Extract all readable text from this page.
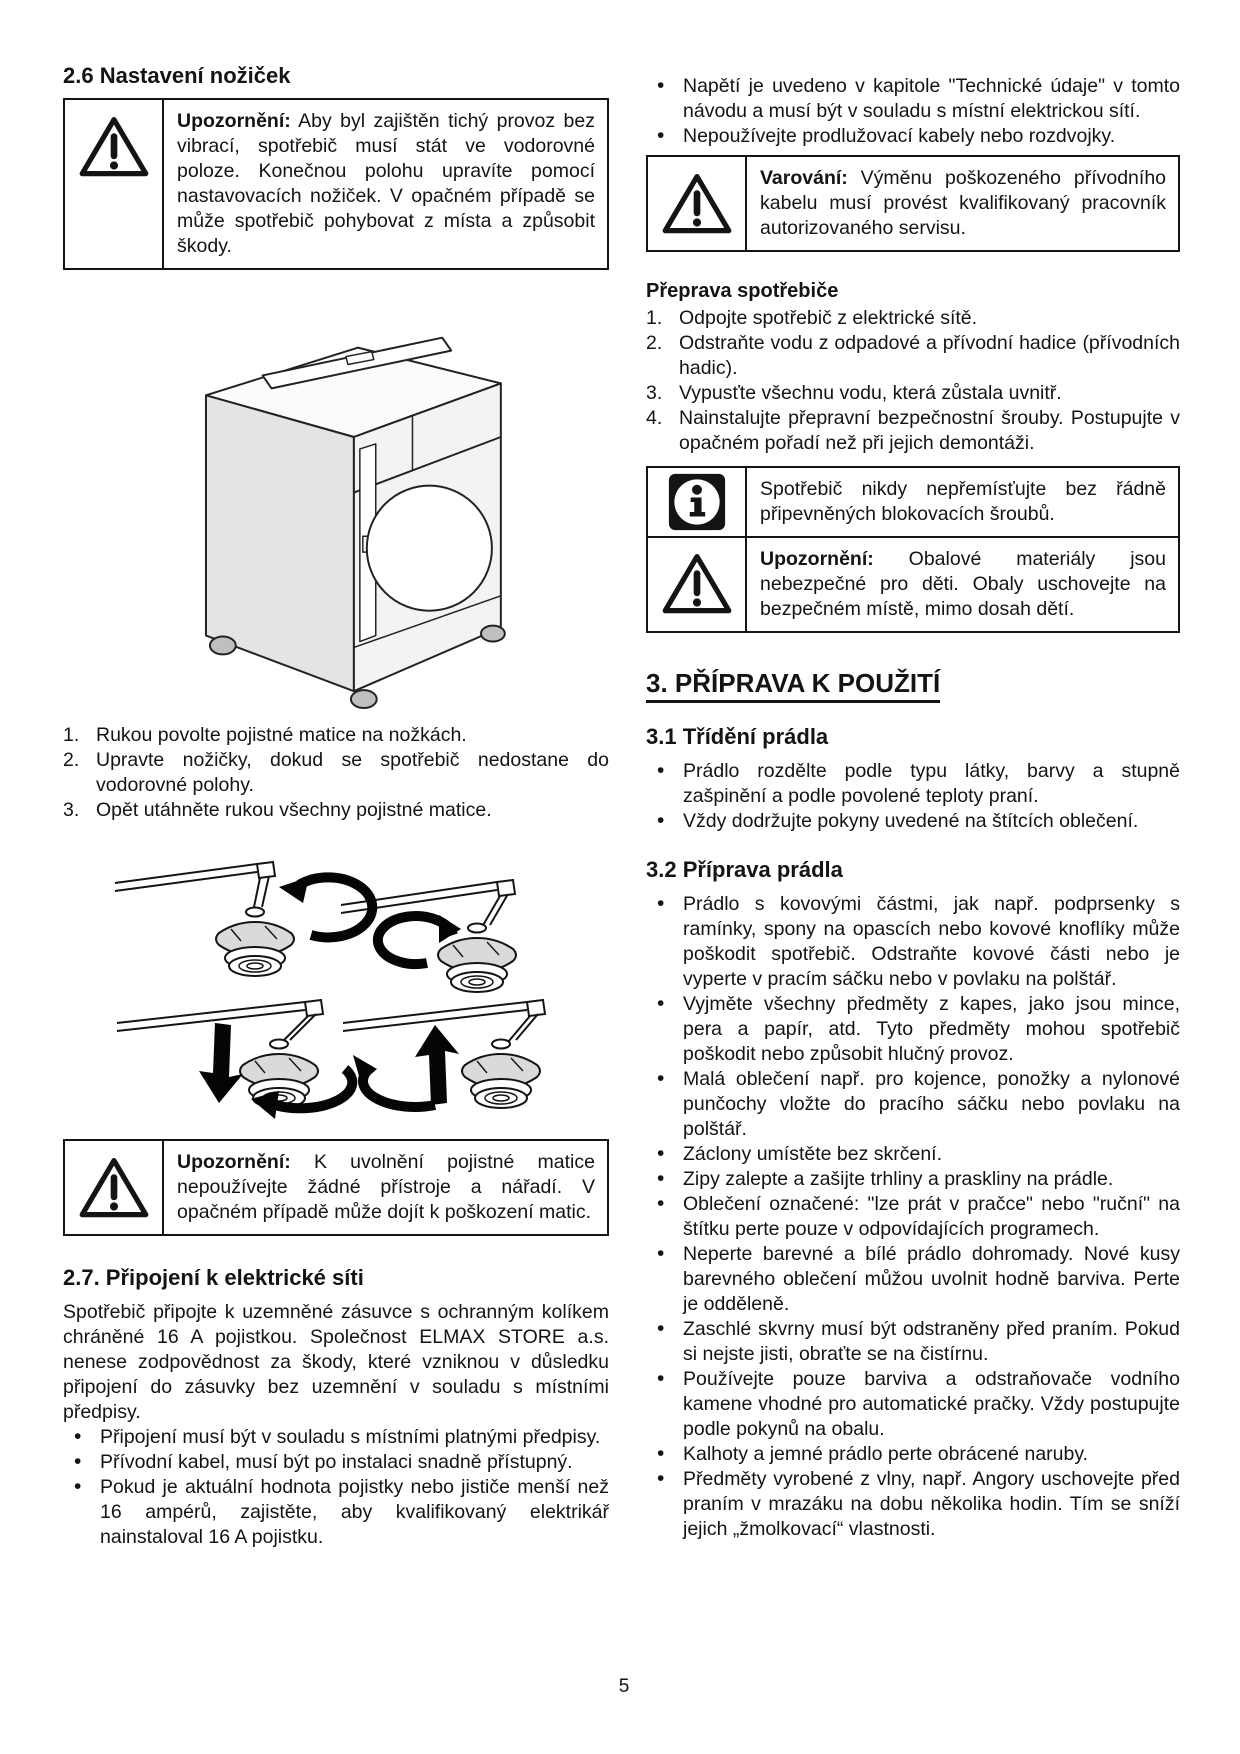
2.6 Nastavení nožiček
Upozornění: Aby byl zajištěn tichý provoz bez vibrací, spotřebič musí stát ve vodorovné poloze. Konečnou polohu upravíte pomocí nastavovacích nožiček. V opačném případě se může spotřebič pohybovat z místa a způsobit škody.
1. Rukou povolte pojistné matice na nožkách.
2. Upravte nožičky, dokud se spotřebič nedostane do vodorovné polohy.
3. Opět utáhněte rukou všechny pojistné matice.
Upozornění: K uvolnění pojistné matice nepoužívejte žádné přístroje a nářadí. V opačném případě může dojít k poškození matic.
2.7. Připojení k elektrické síti

Spotřebič připojte k uzemněné zásuvce s ochranným kolíkem chráněné 16 A pojistkou. Společnost ELMAX STORE a.s. nenese zodpovědnost za škody, které vzniknou v důsledku připojení do zásuvky bez uzemnění v souladu s místními předpisy.

• Připojení musí být v souladu s místními platnými předpisy.
• Přívodní kabel, musí být po instalaci snadně přístupný.
• Pokud je aktuální hodnota pojistky nebo jističe menší než 16 ampérů, zajistěte, aby kvalifikovaný elektrikář nainstaloval 16 A pojistku.
• Napětí je uvedeno v kapitole "Technické údaje" v tomto návodu a musí být v souladu s místní elektrickou sítí.
• Nepoužívejte prodlužovací kabely nebo rozdvojky.
Varování: Výměnu poškozeného přívodního kabelu musí provést kvalifikovaný pracovník autorizovaného servisu.
Přeprava spotřebiče
1. Odpojte spotřebič z elektrické sítě.
2. Odstraňte vodu z odpadové a přívodní hadice (přívodních hadic).
3. Vypusťte všechnu vodu, která zůstala uvnitř.
4. Nainstalujte přepravní bezpečnostní šrouby. Postupujte v opačném pořadí než při jejich demontáži.
Spotřebič nikdy nepřemísťujte bez řádně připevněných blokovacích šroubů.
Upozornění: Obalové materiály jsou nebezpečné pro děti. Obaly uschovejte na bezpečném místě, mimo dosah dětí.
3. PŘÍPRAVA K POUŽITÍ
3.1 Třídění prádla
• Prádlo rozdělte podle typu látky, barvy a stupně zašpinění a podle povolené teploty praní.
• Vždy dodržujte pokyny uvedené na štítcích oblečení.
3.2 Příprava prádla
• Prádlo s kovovými částmi, jak např. podprsenky s ramínky, spony na opascích nebo kovové knoflíky může poškodit spotřebič. Odstraňte kovové části nebo je vyperte v pracím sáčku nebo v povlaku na polštář.
• Vyjměte všechny předměty z kapes, jako jsou mince, pera a papír, atd. Tyto předměty mohou spotřebič poškodit nebo způsobit hlučný provoz.
• Malá oblečení např. pro kojence, ponožky a nylonové punčochy vložte do pracího sáčku nebo povlaku na polštář.
• Záclony umístěte bez skrčení.
• Zipy zalepte a zašijte trhliny a praskliny na prádle.
• Oblečení označené: "lze prát v pračce" nebo "ruční" na štítku perte pouze v odpovídajících programech.
• Neperte barevné a bílé prádlo dohromady. Nové kusy barevného oblečení můžou uvolnit hodně barviva. Perte je odděleně.
• Zaschlé skvrny musí být odstraněny před praním. Pokud si nejste jisti, obraťte se na čistírnu.
• Používejte pouze barviva a odstraňovače vodního kamene vhodné pro automatické pračky. Vždy postupujte podle pokynů na obalu.
• Kalhoty a jemné prádlo perte obrácené naruby.
• Předměty vyrobené z vlny, např. Angory uschovejte před praním v mrazáku na dobu několika hodin. Tím se sníží jejich „žmolkovací“ vlastnosti.
5
